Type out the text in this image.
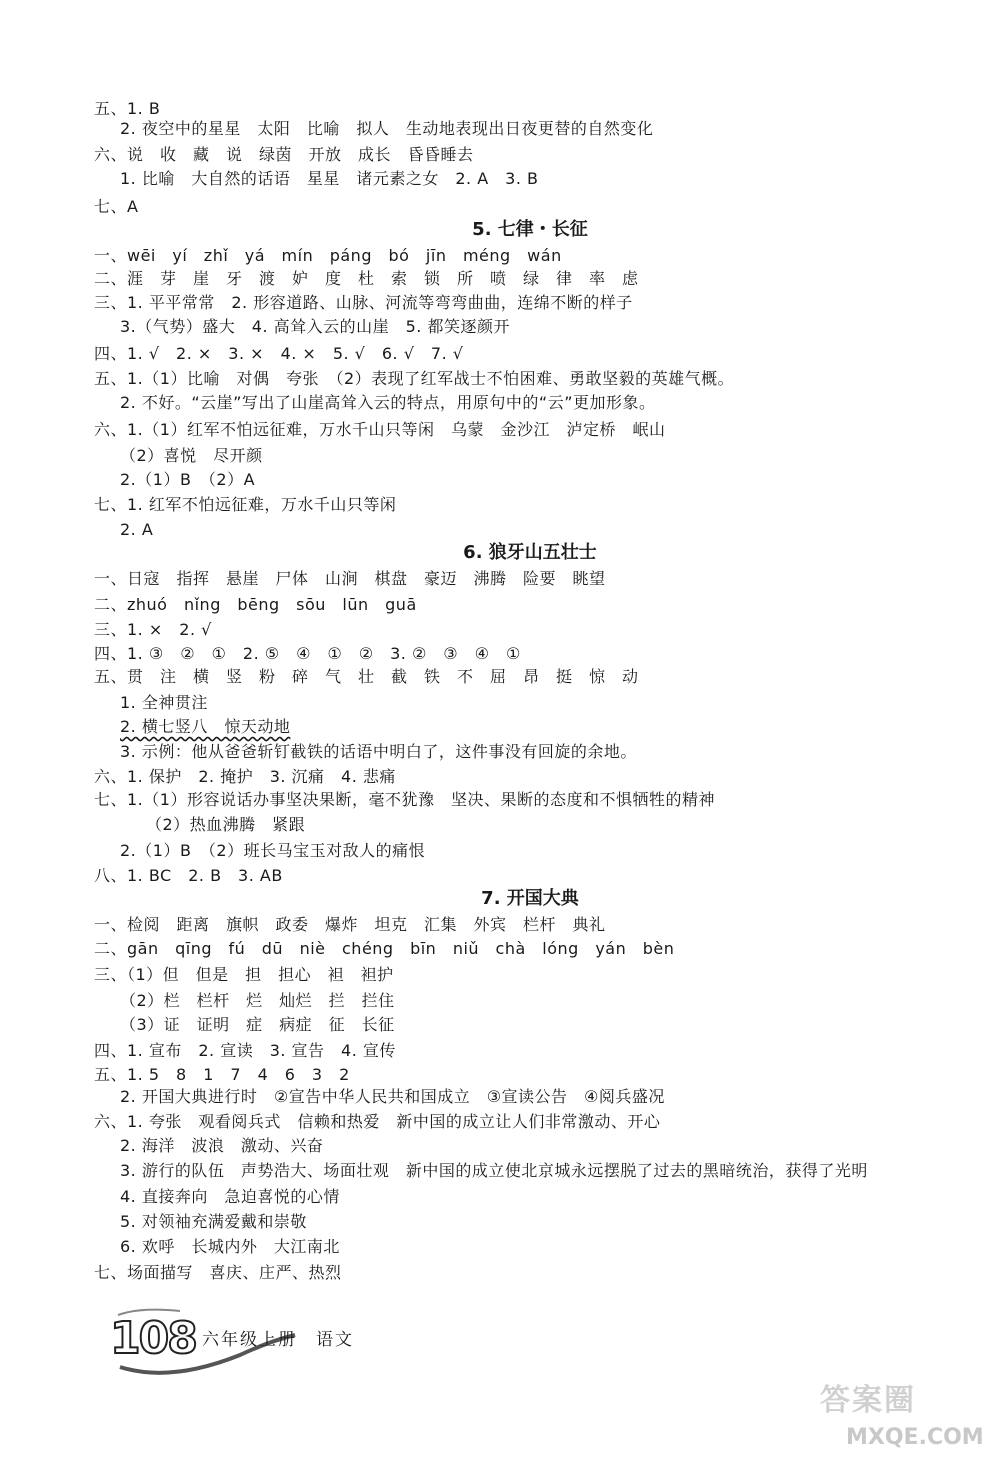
五、1. B
2. 夜空中的星星　太阳　比喻　拟人　生动地表现出日夜更替的自然变化
六、说　收　藏　说　绿茵　开放　成长　昏昏睡去
1. 比喻　大自然的话语　星星　诸元素之女　2. A　3. B
七、A
5. 七律・长征
一、wēi　yí　zhǐ　yá　mín　páng　bó　jīn　méng　wán
二、涯　芽　崖　牙　渡　妒　度　杜　索　锁　所　喷　绿　律　率　虑
三、1. 平平常常　2. 形容道路、山脉、河流等弯弯曲曲，连绵不断的样子
3.（气势）盛大　4. 高耸入云的山崖　5. 都笑逐颜开
四、1. √　2. ×　3. ×　4. ×　5. √　6. √　7. √
五、1.（1）比喻　对偶　夸张　（2）表现了红军战士不怕困难、勇敢坚毅的英雄气概。
2. 不好。“云崖”写出了山崖高耸入云的特点，用原句中的“云”更加形象。
六、1.（1）红军不怕远征难，万水千山只等闲　乌蒙　金沙江　泸定桥　岷山
（2）喜悦　尽开颜
2.（1）B　（2）A
七、1. 红军不怕远征难，万水千山只等闲
2. A
6. 狼牙山五壮士
一、日寇　指挥　悬崖　尸体　山涧　棋盘　豪迈　沸腾　险要　眺望
二、zhuó　nǐng　bēng　sōu　lūn　guā
三、1. ×　2. √
四、1. ③　②　①　2. ⑤　④　①　②　3. ②　③　④　①
五、贯　注　横　竖　粉　碎　气　壮　截　铁　不　屈　昂　挺　惊　动
1. 全神贯注
2. 横七竖八　惊天动地
3. 示例：他从爸爸斩钉截铁的话语中明白了，这件事没有回旋的余地。
六、1. 保护　2. 掩护　3. 沉痛　4. 悲痛
七、1.（1）形容说话办事坚决果断，毫不犹豫　坚决、果断的态度和不惧牺牲的精神
（2）热血沸腾　紧跟
2.（1）B　（2）班长马宝玉对敌人的痛恨
八、1. BC　2. B　3. AB
7. 开国大典
一、检阅　距离　旗帜　政委　爆炸　坦克　汇集　外宾　栏杆　典礼
二、gān　qīng　fú　dū　niè　chéng　bīn　niǔ　chà　lóng　yán　bèn
三、（1）但　但是　担　担心　袒　袒护
（2）栏　栏杆　烂　灿烂　拦　拦住
（3）证　证明　症　病症　征　长征
四、1. 宣布　2. 宣读　3. 宣告　4. 宣传
五、1. 5　8　1　7　4　6　3　2
2. 开国大典进行时　②宣告中华人民共和国成立　③宣读公告　④阅兵盛况
六、1. 夸张　观看阅兵式　信赖和热爱　新中国的成立让人们非常激动、开心
2. 海洋　波浪　激动、兴奋
3. 游行的队伍　声势浩大、场面壮观　新中国的成立使北京城永远摆脱了过去的黑暗统治，获得了光明
4. 直接奔向　急迫喜悦的心情
5. 对领袖充满爱戴和崇敬
6. 欢呼　长城内外　大江南北
七、场面描写　喜庆、庄严、热烈
108 六年级上册　语文
答案圈
MXQE.COM
